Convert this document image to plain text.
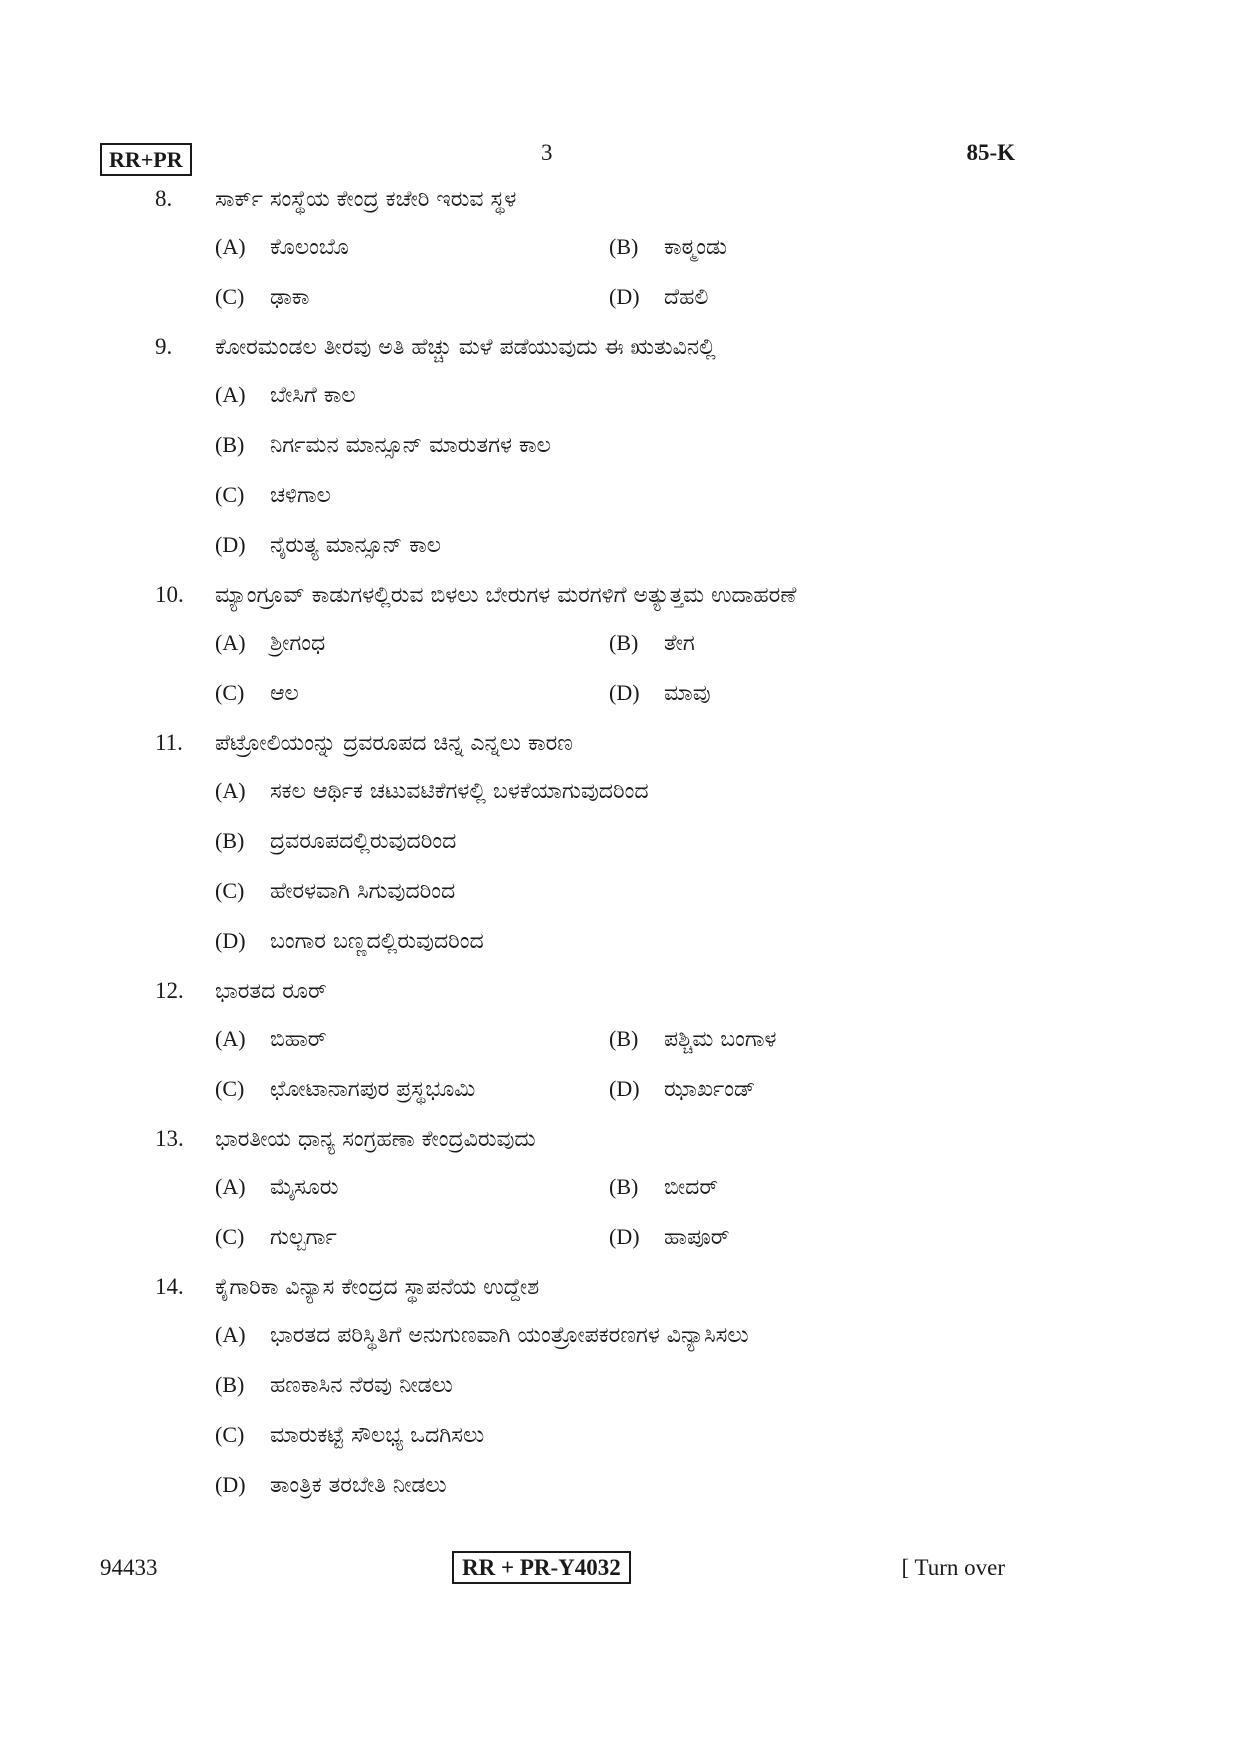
RR+PR	3	85-K
8.	ಸಾರ್ಕ್ ಸಂಸ್ಥೆಯ ಕೇಂದ್ರ ಕಚೇರಿ ಇರುವ ಸ್ಥಳ
(A)	ಕೊಲಂಬೊ	(B)	ಕಾಠ್ಮಂಡು
(C)	ಢಾಕಾ	(D)	ದೆಹಲಿ
9.	ಕೋರಮಂಡಲ ತೀರವು ಅತಿ ಹೆಚ್ಚು ಮಳೆ ಪಡೆಯುವುದು ಈ ಋತುವಿನಲ್ಲಿ
(A)	ಬೇಸಿಗೆ ಕಾಲ
(B)	ನಿರ್ಗಮನ ಮಾನ್ಸೂನ್ ಮಾರುತಗಳ ಕಾಲ
(C)	ಚಳಿಗಾಲ
(D)	ನೈರುತ್ಯ ಮಾನ್ಸೂನ್ ಕಾಲ
10.	ಮ್ಯಾಂಗ್ರೂವ್ ಕಾಡುಗಳಲ್ಲಿರುವ ಬಿಳಲು ಬೇರುಗಳ ಮರಗಳಿಗೆ ಅತ್ಯುತ್ತಮ ಉದಾಹರಣೆ
(A)	ಶ್ರೀಗಂಧ	(B)	ತೇಗ
(C)	ಆಲ	(D)	ಮಾವು
11.	ಪೆಟ್ರೋಲಿಯಂನ್ನು ದ್ರವರೂಪದ ಚಿನ್ನ ಎನ್ನಲು ಕಾರಣ
(A)	ಸಕಲ ಆರ್ಥಿಕ ಚಟುವಟಿಕೆಗಳಲ್ಲಿ ಬಳಕೆಯಾಗುವುದರಿಂದ
(B)	ದ್ರವರೂಪದಲ್ಲಿರುವುದರಿಂದ
(C)	ಹೇರಳವಾಗಿ ಸಿಗುವುದರಿಂದ
(D)	ಬಂಗಾರ ಬಣ್ಣದಲ್ಲಿರುವುದರಿಂದ
12.	ಭಾರತದ ರೂರ್
(A)	ಬಿಹಾರ್	(B)	ಪಶ್ಚಿಮ ಬಂಗಾಳ
(C)	ಛೋಟಾನಾಗಪುರ ಪ್ರಸ್ಥಭೂಮಿ	(D)	ಝಾರ್ಖಂಡ್
13.	ಭಾರತೀಯ ಧಾನ್ಯ ಸಂಗ್ರಹಣಾ ಕೇಂದ್ರವಿರುವುದು
(A)	ಮೈಸೂರು	(B)	ಬೀದರ್
(C)	ಗುಲ್ಬರ್ಗಾ	(D)	ಹಾಪೂರ್
14.	ಕೈಗಾರಿಕಾ ವಿನ್ಯಾಸ ಕೇಂದ್ರದ ಸ್ಥಾಪನೆಯ ಉದ್ದೇಶ
(A)	ಭಾರತದ ಪರಿಸ್ಥಿತಿಗೆ ಅನುಗುಣವಾಗಿ ಯಂತ್ರೋಪಕರಣಗಳ ವಿನ್ಯಾಸಿಸಲು
(B)	ಹಣಕಾಸಿನ ನೆರವು ನೀಡಲು
(C)	ಮಾರುಕಟ್ಟೆ ಸೌಲಭ್ಯ ಒದಗಿಸಲು
(D)	ತಾಂತ್ರಿಕ ತರಬೇತಿ ನೀಡಲು
94433	RR + PR-Y4032	[ Turn over
